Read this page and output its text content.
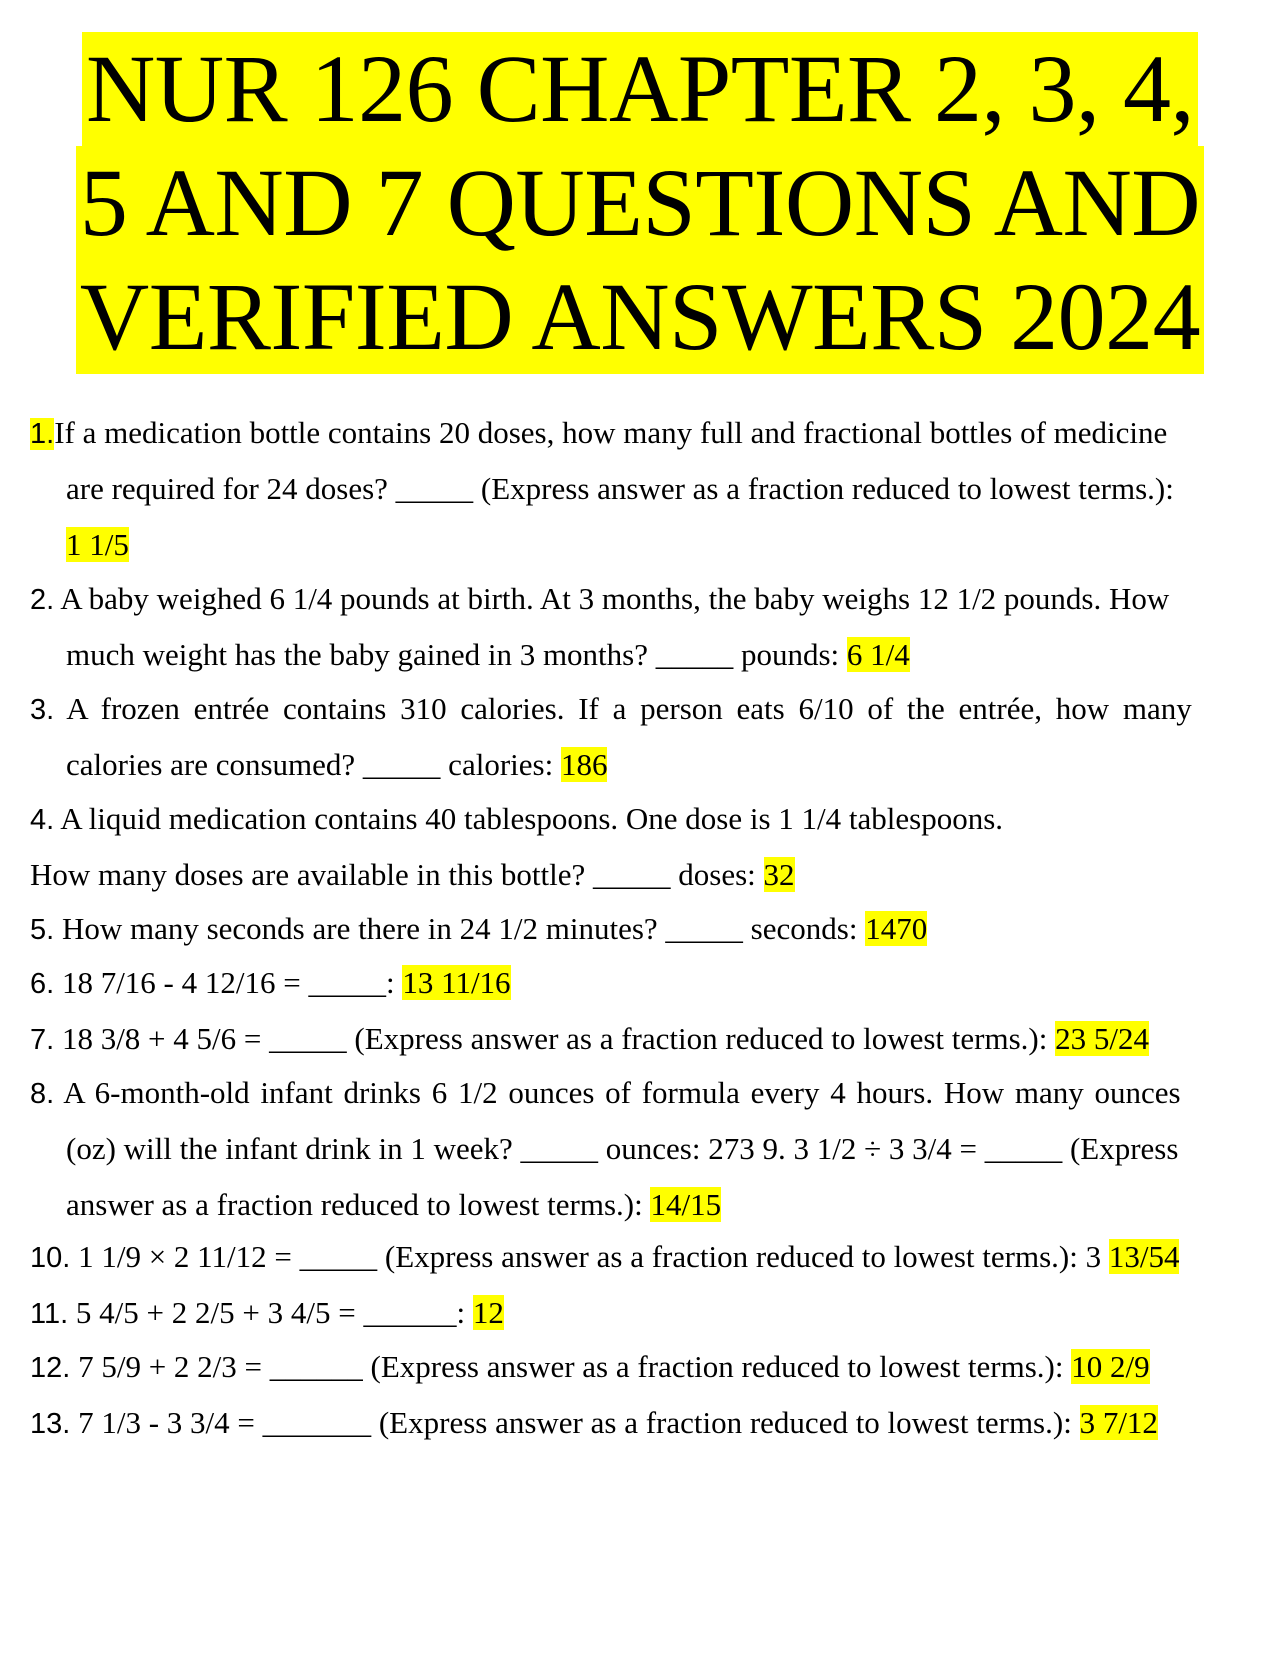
NUR 126 CHAPTER 2, 3, 4,
5 AND 7 QUESTIONS AND
VERIFIED ANSWERS 2024
1.If a medication bottle contains 20 doses, how many full and fractional bottles of medicine
are required for 24 doses? _____ (Express answer as a fraction reduced to lowest terms.):
1 1/5
2. A baby weighed 6 1/4 pounds at birth. At 3 months, the baby weighs 12 1/2 pounds. How
much weight has the baby gained in 3 months? _____ pounds: 6 1/4
3. A frozen entrée contains 310 calories. If a person eats 6/10 of the entrée, how many
calories are consumed? _____ calories: 186
4. A liquid medication contains 40 tablespoons. One dose is 1 1/4 tablespoons.
How many doses are available in this bottle? _____ doses: 32
5. How many seconds are there in 24 1/2 minutes? _____ seconds: 1470
6. 18 7/16 - 4 12/16 = _____: 13 11/16
7. 18 3/8 + 4 5/6 = _____ (Express answer as a fraction reduced to lowest terms.): 23 5/24
8. A 6-month-old infant drinks 6 1/2 ounces of formula every 4 hours. How many ounces
(oz) will the infant drink in 1 week? _____ ounces: 273 9. 3 1/2 ÷ 3 3/4 = _____ (Express
answer as a fraction reduced to lowest terms.): 14/15
10. 1 1/9 × 2 11/12 = _____ (Express answer as a fraction reduced to lowest terms.): 3 13/54
11. 5 4/5 + 2 2/5 + 3 4/5 = ______: 12
12. 7 5/9 + 2 2/3 = ______ (Express answer as a fraction reduced to lowest terms.): 10 2/9
13. 7 1/3 - 3 3/4 = _______ (Express answer as a fraction reduced to lowest terms.): 3 7/12
